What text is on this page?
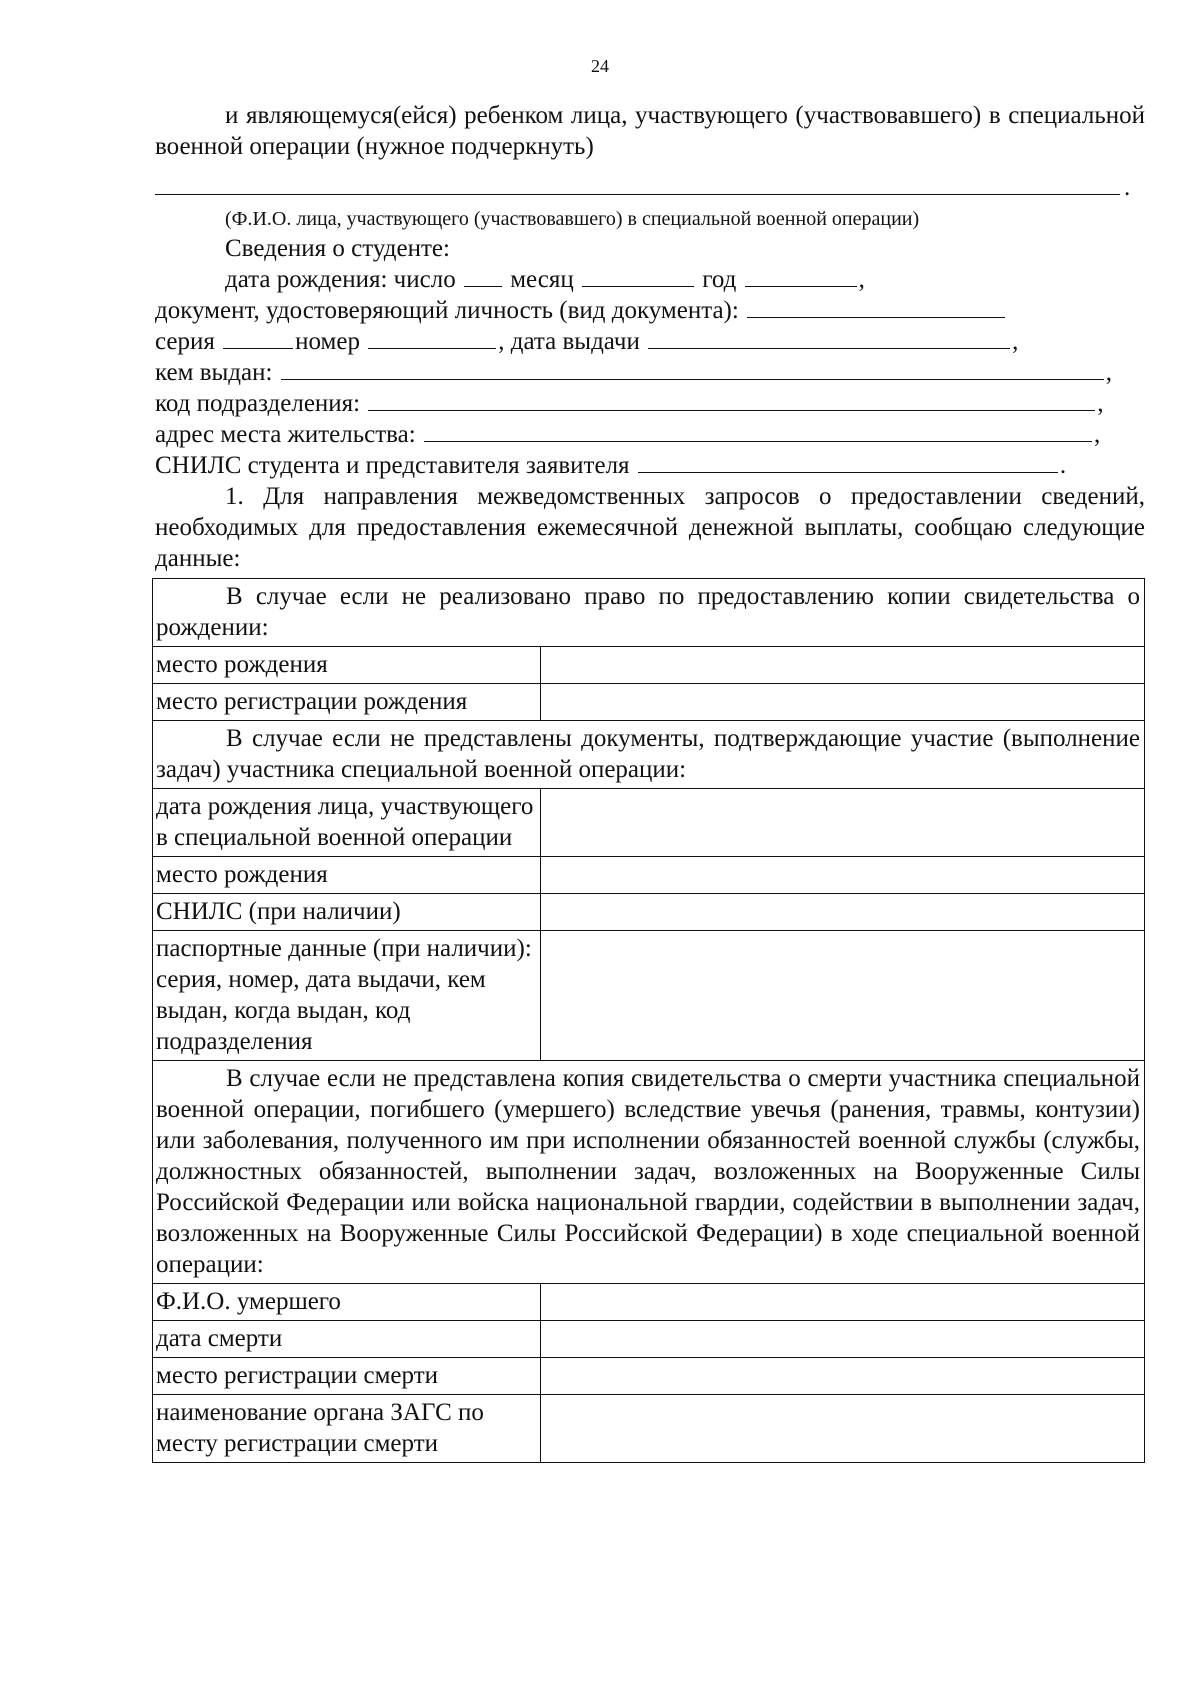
24

и являющемуся(ейся) ребенком лица, участвующего (участвовавшего) в специальной военной операции (нужное подчеркнуть)

.

(Ф.И.О. лица, участвующего (участвовавшего) в специальной военной операции)

Сведения о студенте:

дата рождения: число месяц	год	,

документ, удостоверяющий личность (вид документа):

серия	номер	, дата выдачи	,

кем выдан:	,

код подразделения:	,

адрес места жительства:	,

СНИЛС студента и представителя заявителя	.

1. Для направления межведомственных запросов о предоставлении сведений, необходимых для предоставления ежемесячной денежной выплаты, сообщаю следующие данные:

В случае если не реализовано право по предоставлению копии свидетельства о рождении:	
место рождения	
место регистрации рождения	
В случае если не представлены документы, подтверждающие участие (выполнение задач) участника специальной военной операции:	
дата рождения лица, участвующего в специальной военной операции	
место рождения	
СНИЛС (при наличии)	
паспортные данные (при наличии): серия, номер, дата выдачи, кем выдан, когда выдан, код подразделения	
В случае если не представлена копия свидетельства о смерти участника специальной военной операции, погибшего (умершего) вследствие увечья (ранения, травмы, контузии) или заболевания, полученного им при исполнении обязанностей военной службы (службы, должностных обязанностей, выполнении задач, возложенных на Вооруженные Силы Российской Федерации или войска национальной гвардии, содействии в выполнении задач, возложенных на Вооруженные Силы Российской Федерации) в ходе специальной военной операции:	
Ф.И.О. умершего	
дата смерти	
место регистрации смерти	
наименование органа ЗАГС по месту регистрации смерти	
